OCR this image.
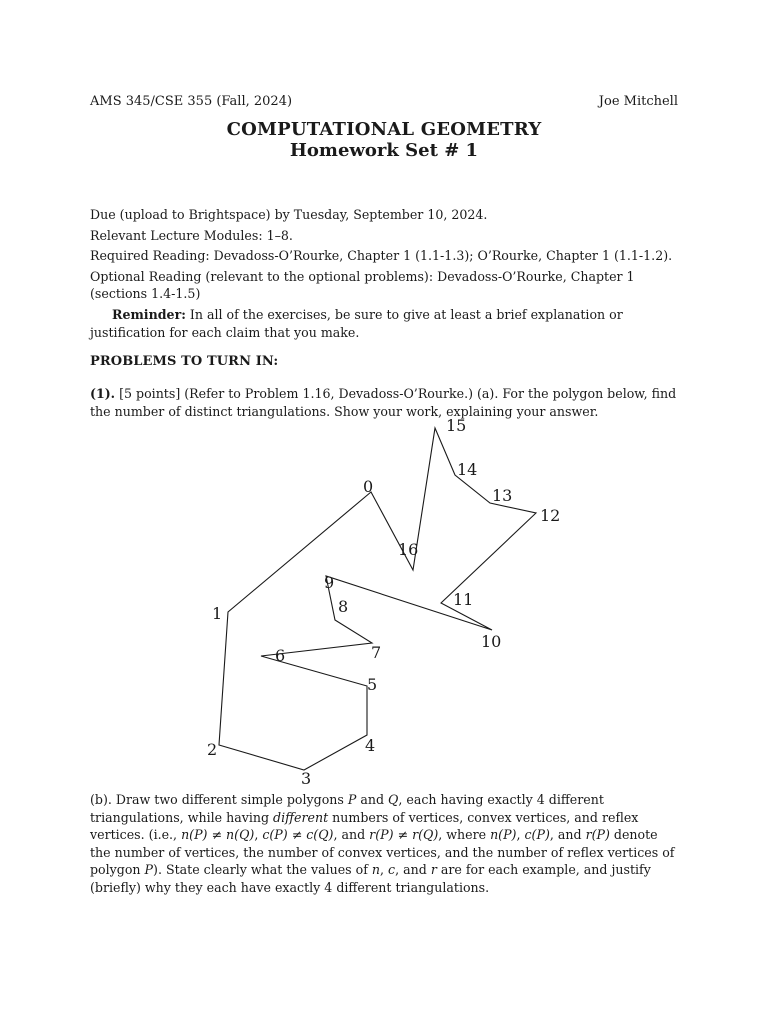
AMS 345/CSE 355 (Fall, 2024)	Joe Mitchell
COMPUTATIONAL GEOMETRY
Homework Set # 1

Due (upload to Brightspace) by Tuesday, September 10, 2024.

Relevant Lecture Modules: 1–8.

Required Reading: Devadoss-O’Rourke, Chapter 1 (1.1-1.3); O’Rourke, Chapter 1 (1.1-1.2).

Optional Reading (relevant to the optional problems): Devadoss-O’Rourke, Chapter 1 (sections 1.4-1.5)

Reminder: In all of the exercises, be sure to give at least a brief explanation or justification for each claim that you make.

PROBLEMS TO TURN IN:

(1). [5 points] (Refer to Problem 1.16, Devadoss-O’Rourke.) (a). For the polygon below, find the number of distinct triangulations. Show your work, explaining your answer.

0
1
2
3
4
5
6	7
8
9
10
11
12
13
14
15
16

(b). Draw two different simple polygons P and Q, each having exactly 4 different triangulations, while having different numbers of vertices, convex vertices, and reflex vertices. (i.e., n(P) ≠ n(Q), c(P) ≠ c(Q), and r(P) ≠ r(Q), where n(P), c(P), and r(P) denote the number of vertices, the number of convex vertices, and the number of reflex vertices of polygon P). State clearly what the values of n, c, and r are for each example, and justify (briefly) why they each have exactly 4 different triangulations.
